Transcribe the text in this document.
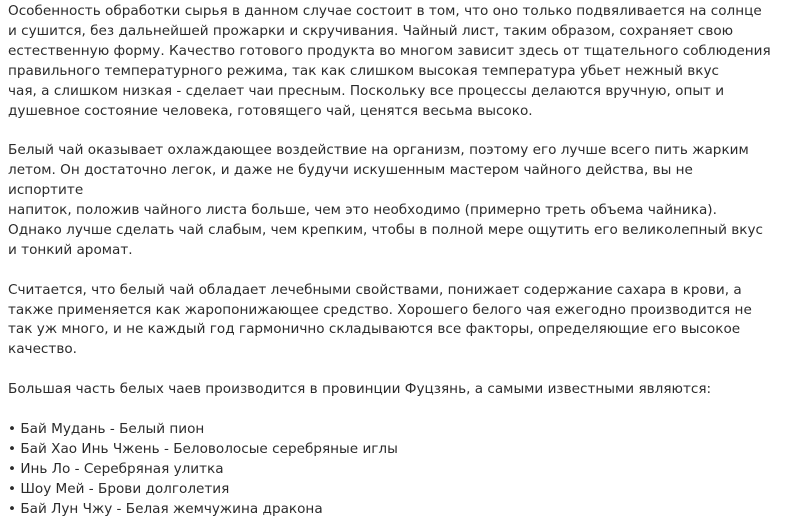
Особенность обработки сырья в данном случае состоит в том, что оно только подвяливается на солнце
и сушится, без дальнейшей прожарки и скручивания. Чайный лист, таким образом, сохраняет свою
естественную форму. Качество готового продукта во многом зависит здесь от тщательного соблюдения
правильного температурного режима, так как слишком высокая температура убьет нежный вкус
чая, а слишком низкая - сделает чаи пресным. Поскольку все процессы делаются вручную, опыт и
душевное состояние человека, готовящего чай, ценятся весьма высоко.
Белый чай оказывает охлаждающее воздействие на организм, поэтому его лучше всего пить жарким
летом. Он достаточно легок, и даже не будучи искушенным мастером чайного действа, вы не
испортите
напиток, положив чайного листа больше, чем это необходимо (примерно треть объема чайника).
Однако лучше сделать чай слабым, чем крепким, чтобы в полной мере ощутить его великолепный вкус
и тонкий аромат.
Считается, что белый чай обладает лечебными свойствами, понижает содержание сахара в крови, а
также применяется как жаропонижающее средство. Хорошего белого чая ежегодно производится не
так уж много, и не каждый год гармонично складываются все факторы, определяющие его высокое
качество.
Большая часть белых чаев производится в провинции Фуцзянь, а самыми известными являются:
• Бай Мудань - Белый пион
• Бай Хао Инь Чжень - Беловолосые серебряные иглы
• Инь Ло - Серебряная улитка
• Шоу Мей - Брови долголетия
• Бай Лун Чжу - Белая жемчужина дракона
